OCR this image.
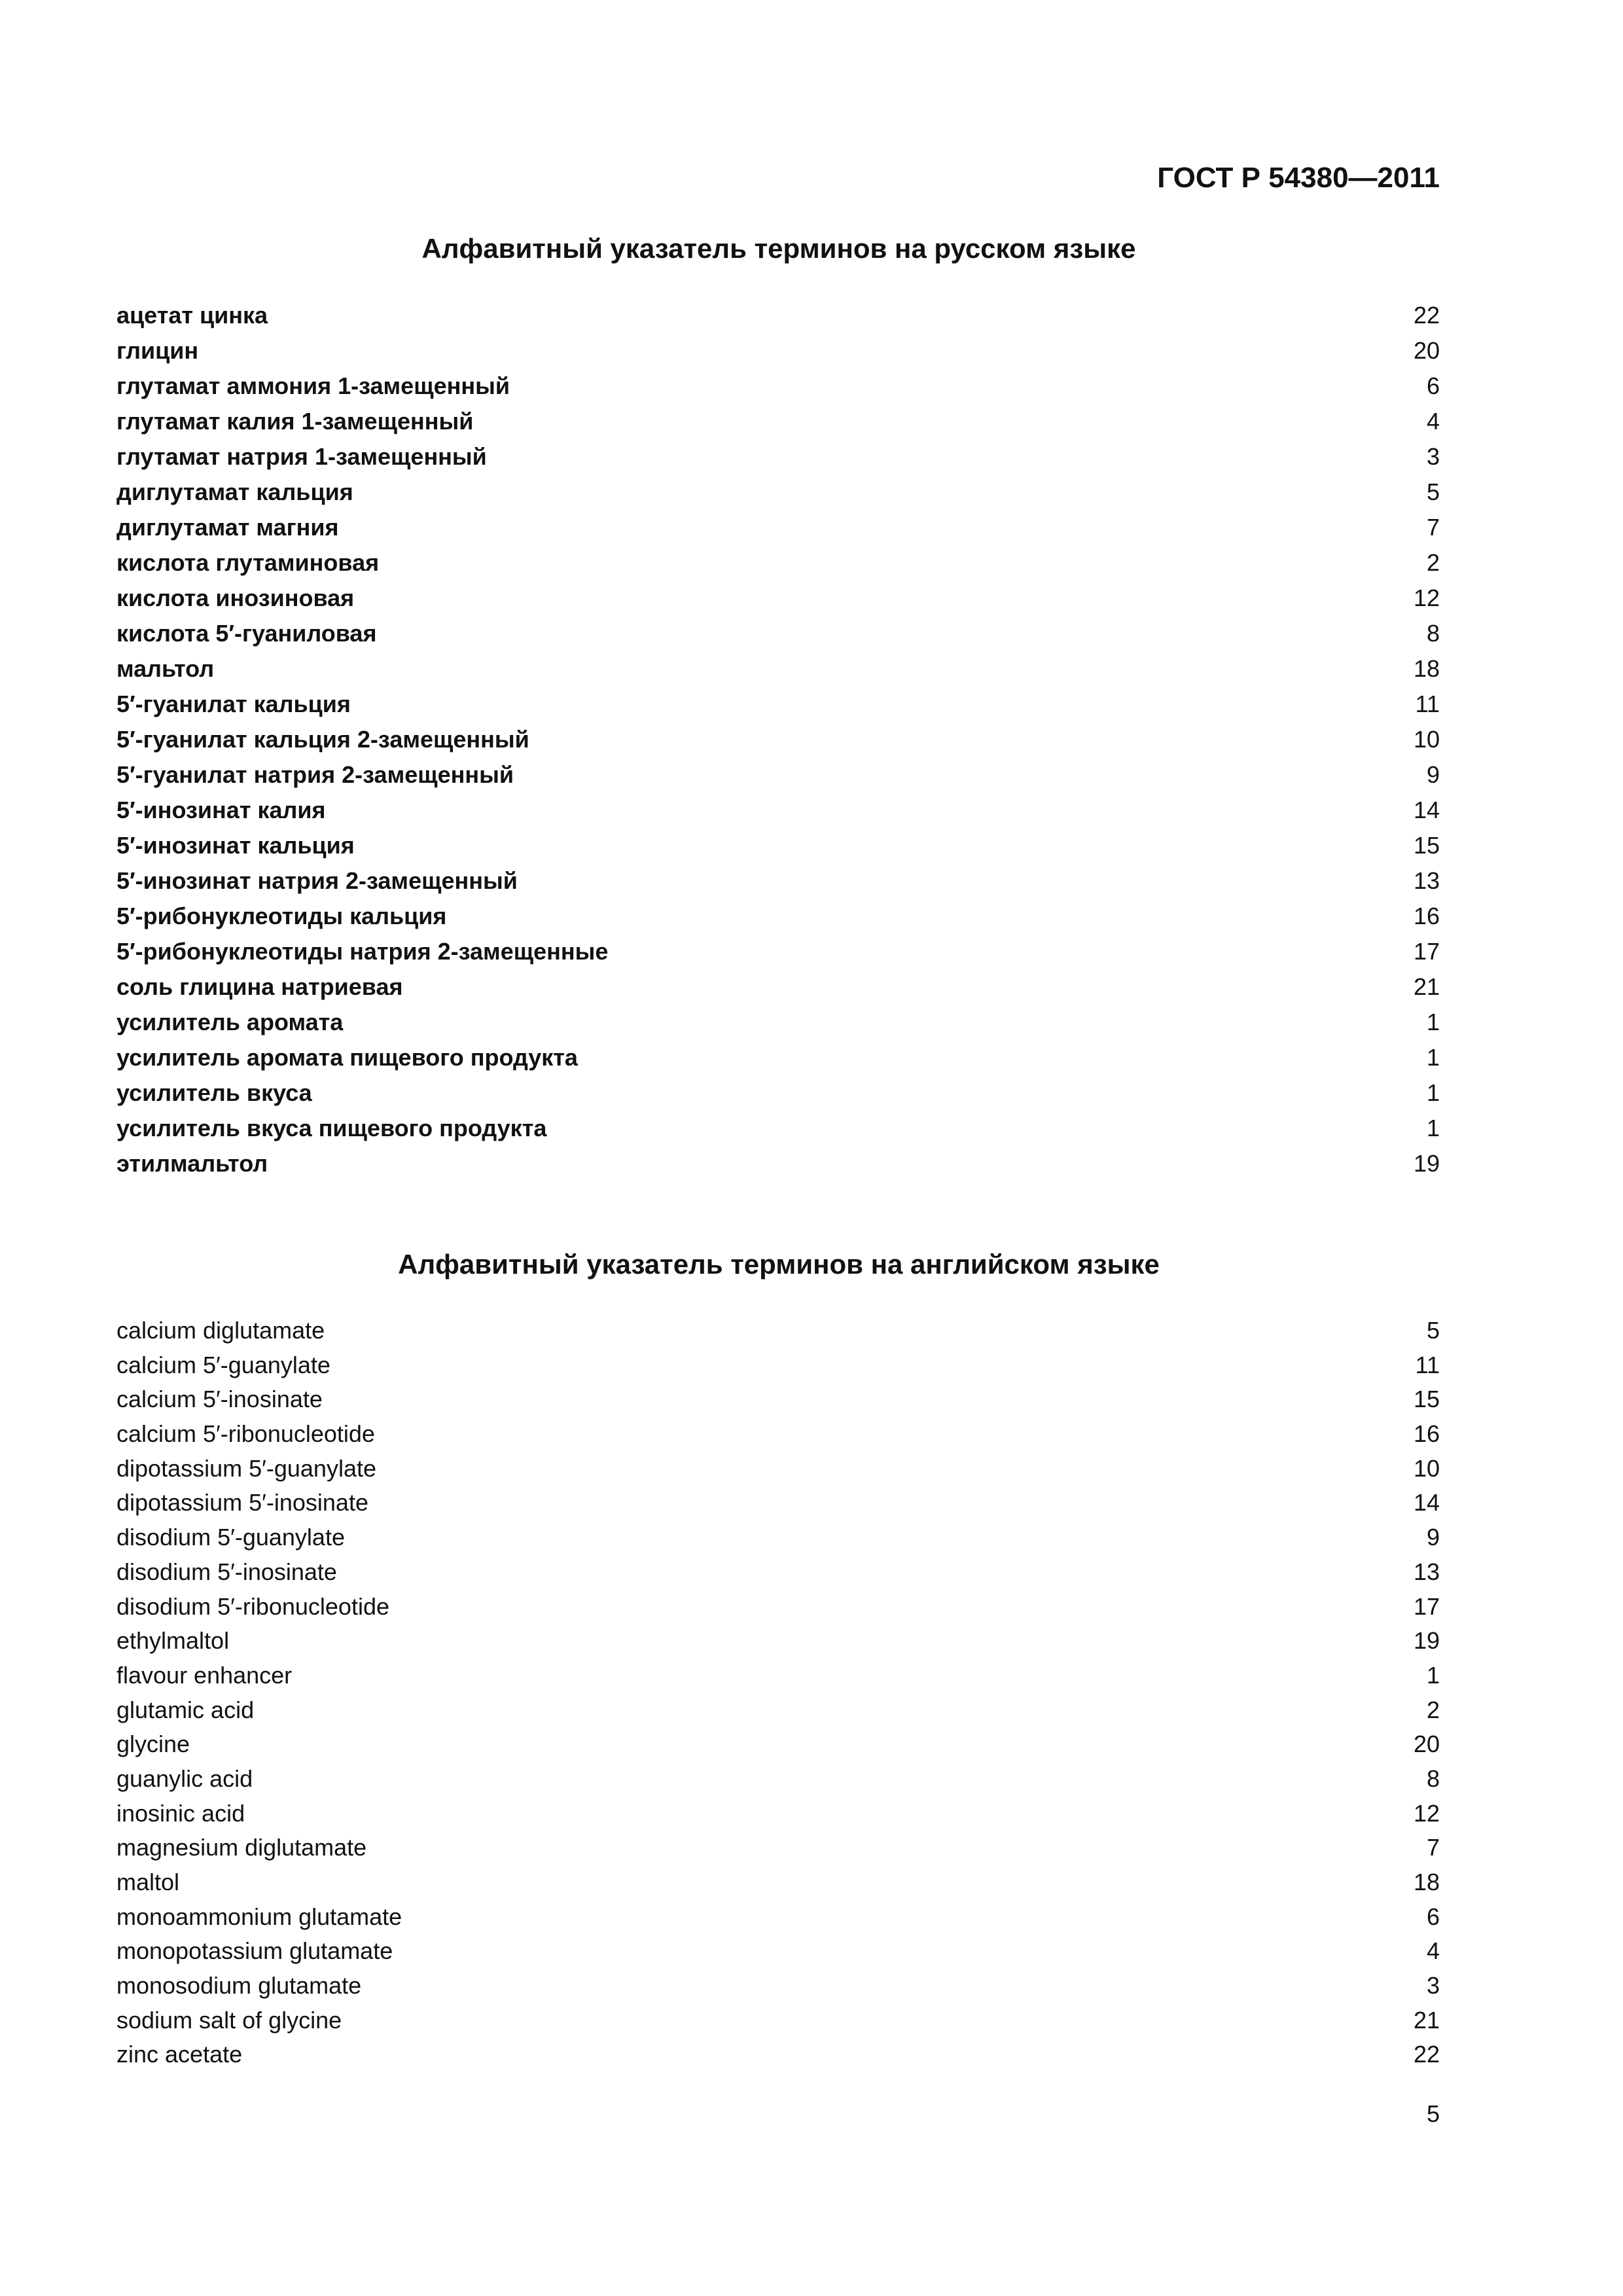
ГОСТ Р 54380—2011
Алфавитный указатель терминов на русском языке
ацетат цинка	22
глицин	20
глутамат аммония 1-замещенный	6
глутамат калия 1-замещенный	4
глутамат натрия 1-замещенный	3
диглутамат кальция	5
диглутамат магния	7
кислота глутаминовая	2
кислота инозиновая	12
кислота 5′-гуаниловая	8
мальтол	18
5′-гуанилат кальция	11
5′-гуанилат кальция 2-замещенный	10
5′-гуанилат натрия 2-замещенный	9
5′-инозинат калия	14
5′-инозинат кальция	15
5′-инозинат натрия 2-замещенный	13
5′-рибонуклеотиды кальция	16
5′-рибонуклеотиды натрия 2-замещенные	17
соль глицина натриевая	21
усилитель аромата	1
усилитель аромата пищевого продукта	1
усилитель вкуса	1
усилитель вкуса пищевого продукта	1
этилмальтол	19
Алфавитный указатель терминов на английском языке
calcium diglutamate	5
calcium 5′-guanylate	11
calcium 5′-inosinate	15
calcium 5′-ribonucleotide	16
dipotassium 5′-guanylate	10
dipotassium 5′-inosinate	14
disodium 5′-guanylate	9
disodium 5′-inosinate	13
disodium 5′-ribonucleotide	17
ethylmaltol	19
flavour enhancer	1
glutamic acid	2
glycine	20
guanylic acid	8
inosinic acid	12
magnesium diglutamate	7
maltol	18
monoammonium glutamate	6
monopotassium glutamate	4
monosodium glutamate	3
sodium salt of glycine	21
zinc acetate	22
5
